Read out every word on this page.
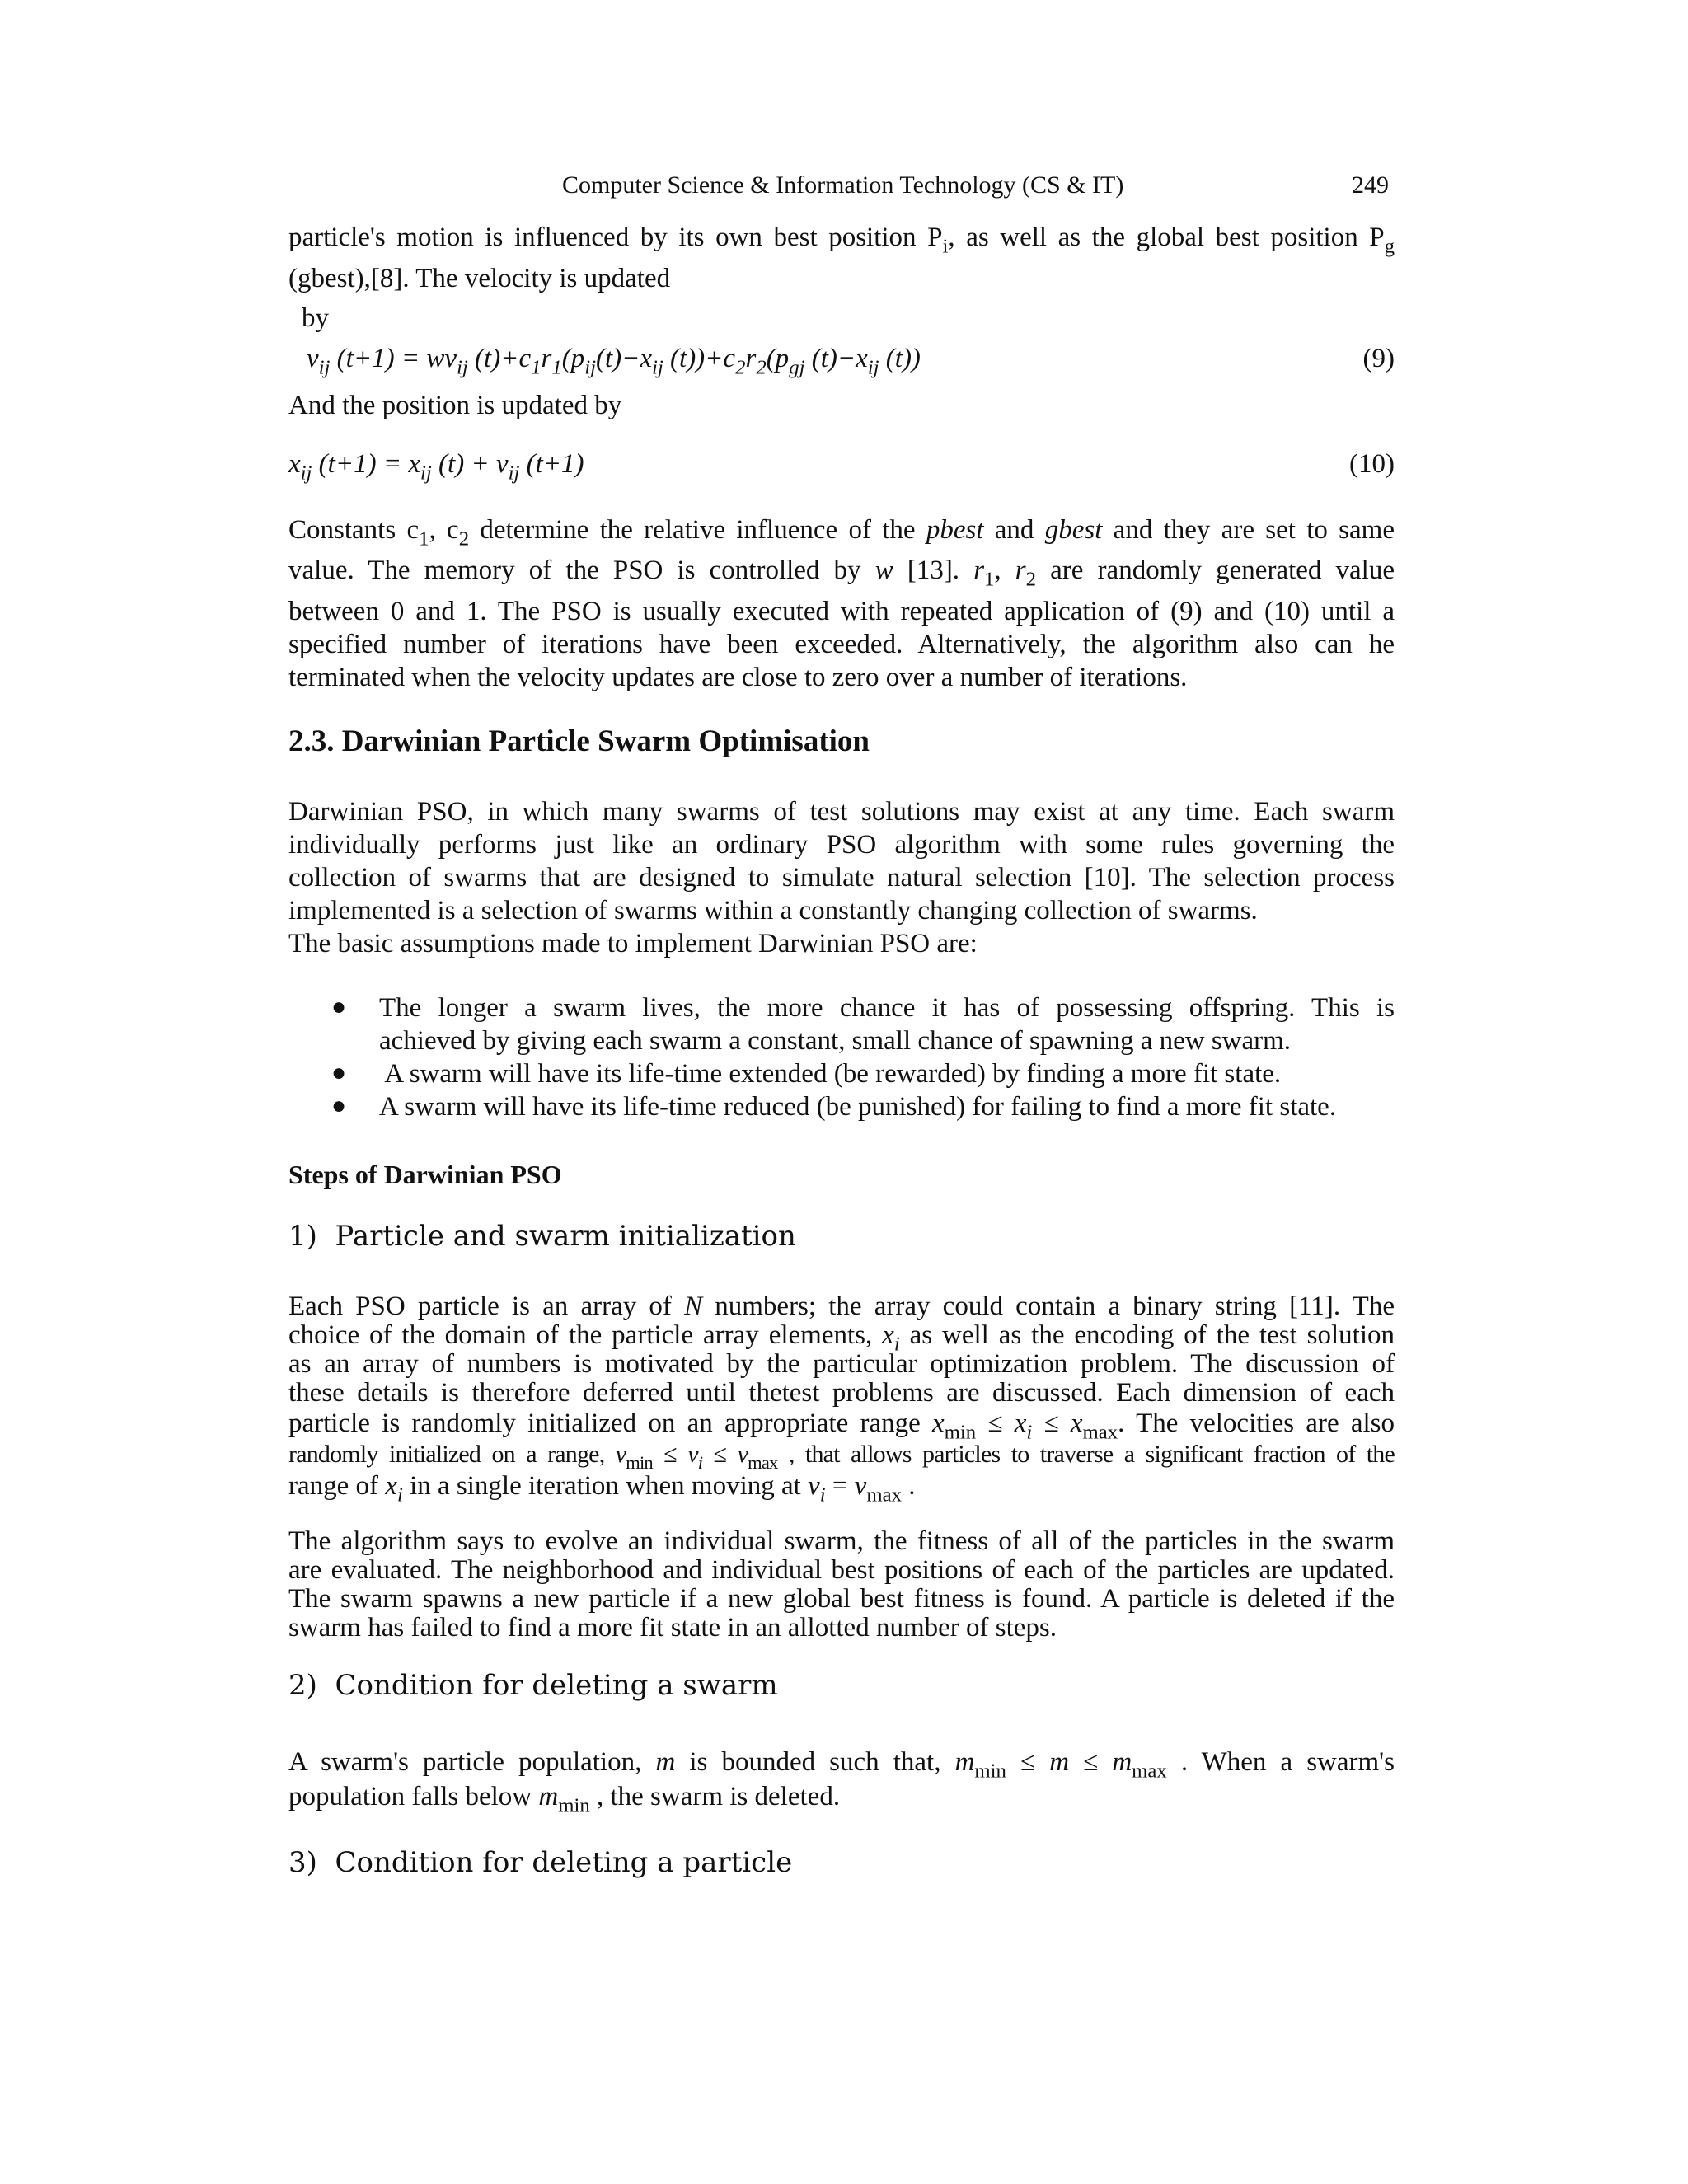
Computer Science & Information Technology (CS & IT)	249
particle's motion is influenced by its own best position $P_i$, as well as the global best position $P_g$
(gbest),[8]. The velocity is updated
by
$v_{ij}$ $(t+1) = wv_{ij}$ $(t)+c_1r_1(p_{ij}(t)-x_{ij}$ $(t))+c_2r_2(p_{gj}$ $(t)-x_{ij}$ (t))	(9)
And the position is updated by
$x_{ij}$ $(t+1) = x_{ij}$ $(t) + v_{ij}$ (t+1)	(10)
Constants $c_1$, $c_2$ determine the relative influence of the pbest and gbest and they are set to same
value. The memory of the PSO is controlled by w [13]. $r_1$, $r_2$ are randomly generated value
between 0 and 1. The PSO is usually executed with repeated application of (9) and (10) until a
specified number of iterations have been exceeded. Alternatively, the algorithm also can he
terminated when the velocity updates are close to zero over a number of iterations.
2.3. Darwinian Particle Swarm Optimisation
Darwinian PSO, in which many swarms of test solutions may exist at any time. Each swarm
individually performs just like an ordinary PSO algorithm with some rules governing the
collection of swarms that are designed to simulate natural selection [10]. The selection process
implemented is a selection of swarms within a constantly changing collection of swarms.
The basic assumptions made to implement Darwinian PSO are:
● The longer a swarm lives, the more chance it has of possessing offspring. This is
achieved by giving each swarm a constant, small chance of spawning a new swarm.
● A swarm will have its life-time extended (be rewarded) by finding a more fit state.
● A swarm will have its life-time reduced (be punished) for failing to find a more fit state.
Steps of Darwinian PSO
1)  Particle and swarm initialization
Each PSO particle is an array of N numbers; the array could contain a binary string [11]. The
choice of the domain of the particle array elements, $x_i$ as well as the encoding of the test solution
as an array of numbers is motivated by the particular optimization problem. The discussion of
these details is therefore deferred until thetest problems are discussed. Each dimension of each
particle is randomly initialized on an appropriate range $x_{min} \le x_i \le x_{max}$. The velocities are also
randomly initialized on a range, $v_{min} \le v_i \le v_{max}$ , that allows particles to traverse a significant fraction of the
range of $x_i$ in a single iteration when moving at $v_i = v_{max}$ .
The algorithm says to evolve an individual swarm, the fitness of all of the particles in the swarm
are evaluated. The neighborhood and individual best positions of each of the particles are updated.
The swarm spawns a new particle if a new global best fitness is found. A particle is deleted if the
swarm has failed to find a more fit state in an allotted number of steps.
2)  Condition for deleting a swarm
A swarm's particle population, m is bounded such that, $m_{min} \le m \le m_{max}$ . When a swarm's
population falls below $m_{min}$ , the swarm is deleted.
3)  Condition for deleting a particle
